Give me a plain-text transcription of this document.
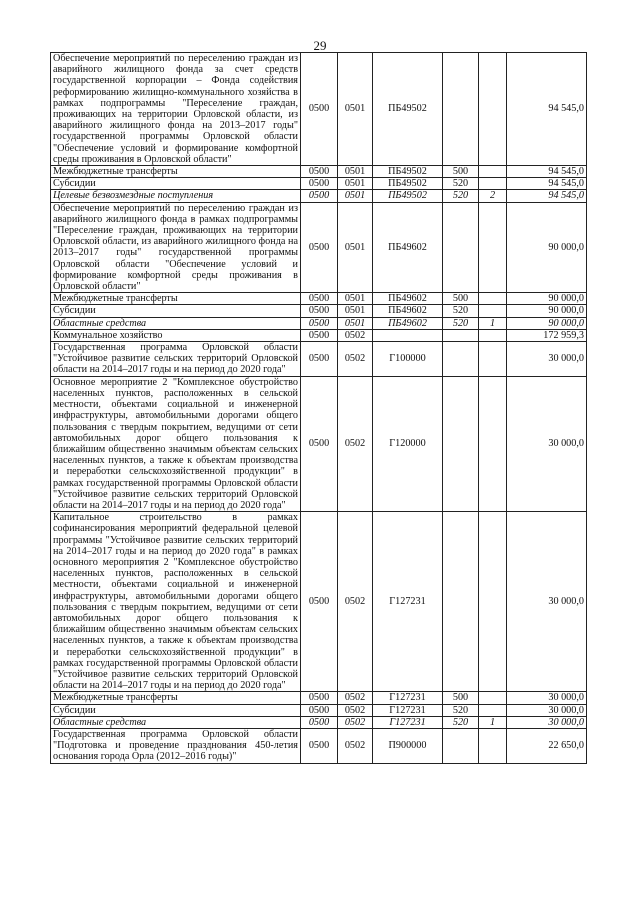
29
Обеспечение мероприятий по переселению граждан из аварийного жилищного фонда за счет средств государственной корпорации – Фонда содействия реформированию жилищно-коммунального хозяйства в рамках подпрограммы "Переселение граждан, проживающих на территории Орловской области, из аварийного жилищного фонда на 2013–2017 годы" государственной программы Орловской области "Обеспечение условий и формирование комфортной среды проживания в Орловской области"	0500	0501	ПБ49502			94 545,0
Межбюджетные трансферты	0500	0501	ПБ49502	500		94 545,0
Субсидии	0500	0501	ПБ49502	520		94 545,0
Целевые безвозмездные поступления	0500	0501	ПБ49502	520	2	94 545,0
Обеспечение мероприятий по переселению граждан из аварийного жилищного фонда в рамках подпрограммы "Переселение граждан, проживающих на территории Орловской области, из аварийного жилищного фонда на 2013–2017 годы" государственной программы Орловской области "Обеспечение условий и формирование комфортной среды проживания в Орловской области"	0500	0501	ПБ49602			90 000,0
Межбюджетные трансферты	0500	0501	ПБ49602	500		90 000,0
Субсидии	0500	0501	ПБ49602	520		90 000,0
Областные средства	0500	0501	ПБ49602	520	1	90 000,0
Коммунальное хозяйство	0500	0502				172 959,3
Государственная программа Орловской области "Устойчивое развитие сельских территорий Орловской области на 2014–2017 годы и на период до 2020 года"	0500	0502	Г100000			30 000,0
Основное мероприятие 2 "Комплексное обустройство населенных пунктов, расположенных в сельской местности, объектами социальной и инженерной инфраструктуры, автомобильными дорогами общего пользования с твердым покрытием, ведущими от сети автомобильных дорог общего пользования к ближайшим общественно значимым объектам сельских населенных пунктов, а также к объектам производства и переработки сельскохозяйственной продукции" в рамках государственной программы Орловской области "Устойчивое развитие сельских территорий Орловской области на 2014–2017 годы и на период до 2020 года"	0500	0502	Г120000			30 000,0
Капитальное строительство в рамках софинансирования мероприятий федеральной целевой программы "Устойчивое развитие сельских территорий на 2014–2017 годы и на период до 2020 года" в рамках основного мероприятия 2 "Комплексное обустройство населенных пунктов, расположенных в сельской местности, объектами социальной и инженерной инфраструктуры, автомобильными дорогами общего пользования с твердым покрытием, ведущими от сети автомобильных дорог общего пользования к ближайшим общественно значимым объектам сельских населенных пунктов, а также к объектам производства и переработки сельскохозяйственной продукции" в рамках государственной программы Орловской области "Устойчивое развитие сельских территорий Орловской области на 2014–2017 годы и на период до 2020 года"	0500	0502	Г127231			30 000,0
Межбюджетные трансферты	0500	0502	Г127231	500		30 000,0
Субсидии	0500	0502	Г127231	520		30 000,0
Областные средства	0500	0502	Г127231	520	1	30 000,0
Государственная программа Орловской области "Подготовка и проведение празднования 450-летия основания города Орла (2012–2016 годы)"	0500	0502	П900000			22 650,0
